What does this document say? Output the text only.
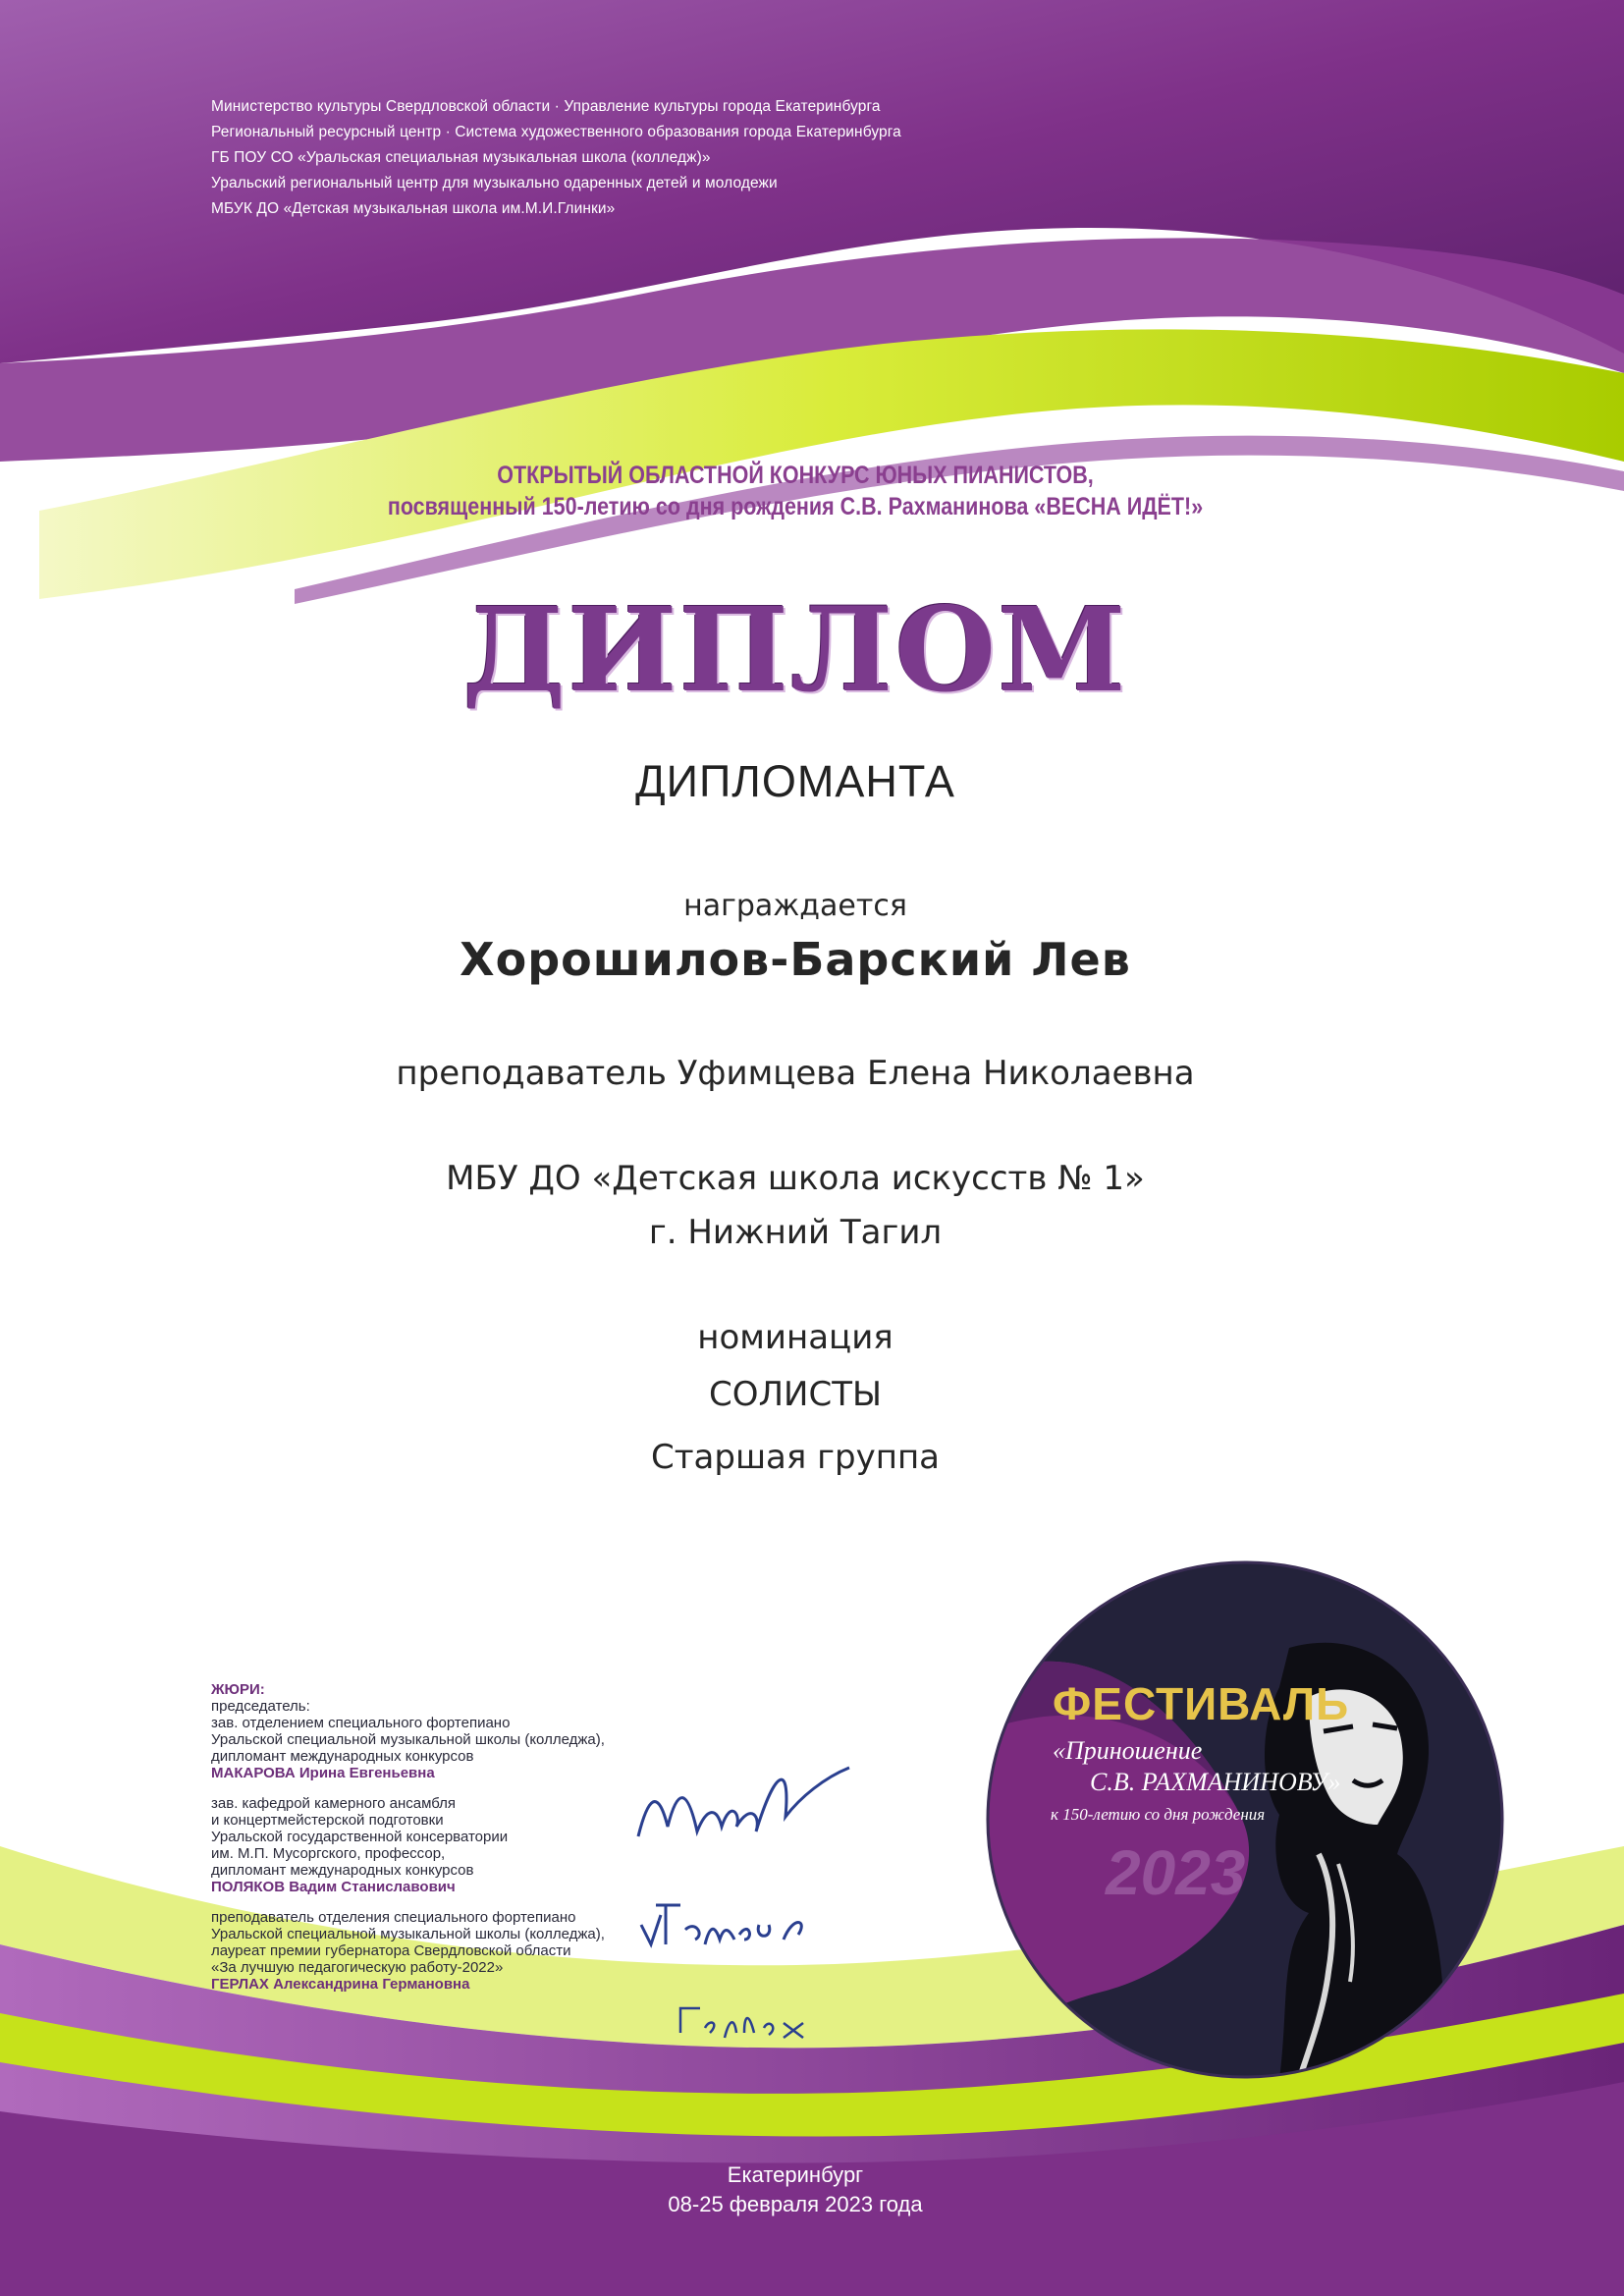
Министерство культуры Свердловской области · Управление культуры города Екатеринбурга
Региональный ресурсный центр · Система художественного образования города Екатеринбурга
ГБ ПОУ СО «Уральская специальная музыкальная школа (колледж)»
Уральский региональный центр для музыкально одаренных детей и молодежи
МБУК ДО «Детская музыкальная школа им.М.И.Глинки»
ОТКРЫТЫЙ ОБЛАСТНОЙ КОНКУРС ЮНЫХ ПИАНИСТОВ,
посвященный 150-летию со дня рождения С.В. Рахманинова «ВЕСНА ИДЁТ!»
ДИПЛОМ
ДИПЛОМАНТА
награждается
Хорошилов-Барский Лев
преподаватель Уфимцева Елена Николаевна
МБУ ДО «Детская школа искусств № 1»
г. Нижний Тагил
номинация
СОЛИСТЫ
Старшая группа
ЖЮРИ:
председатель:
зав. отделением специального фортепиано
Уральской специальной музыкальной школы (колледжа),
дипломант международных конкурсов
МАКАРОВА Ирина Евгеньевна
зав. кафедрой камерного ансамбля
и концертмейстерской подготовки
Уральской государственной консерватории
им. М.П. Мусоргского, профессор,
дипломант международных конкурсов
ПОЛЯКОВ Вадим Станиславович
преподаватель отделения специального фортепиано
Уральской специальной музыкальной школы (колледжа),
лауреат премии губернатора Свердловской области
«За лучшую педагогическую работу-2022»
ГЕРЛАХ Александрина Германовна
ФЕСТИВАЛЬ
«Приношение
С.В. РАХМАНИНОВУ»
к 150-летию со дня рождения
2023
Екатеринбург
08-25 февраля 2023 года
